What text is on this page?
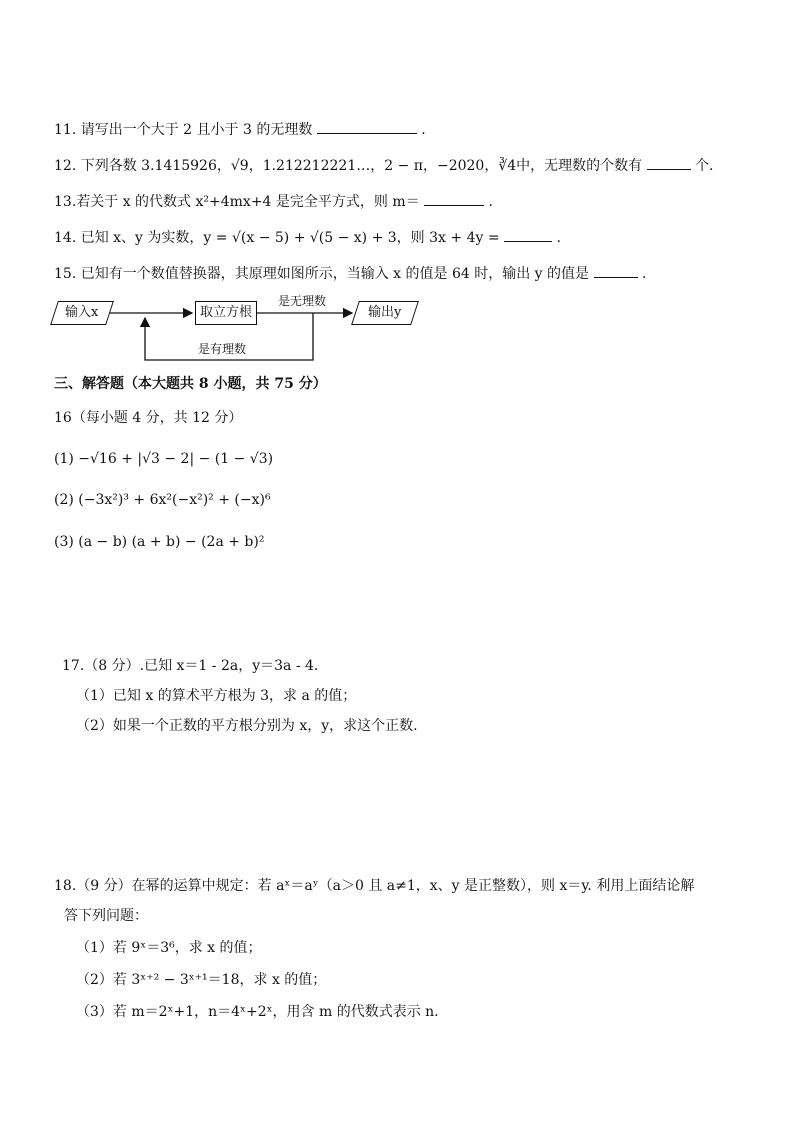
11. 请写出一个大于 2 且小于 3 的无理数	.
12. 下列各数 3.1415926，√9，1.212212221…，2 − π，−2020，∛4中，无理数的个数有	个.
13.若关于 x 的代数式 x²+4mx+4 是完全平方式，则 m＝	.
14. 已知 x、y 为实数，y = √(x − 5) + √(5 − x) + 3，则 3x + 4y =	.
15. 已知有一个数值替换器，其原理如图所示，当输入 x 的值是 64 时，输出 y 的值是	.
输入x	取立方根	输出y
是无理数
是有理数
三、解答题（本大题共 8 小题，共 75 分）
16（每小题 4 分，共 12 分）
(1) −√16 + |√3 − 2| − (1 − √3)
(2) (−3x²)³ + 6x²(−x²)² + (−x)⁶
(3) (a − b) (a + b) − (2a + b)²
17.（8 分）.已知 x＝1 - 2a，y＝3a - 4.
（1）已知 x 的算术平方根为 3，求 a 的值；
（2）如果一个正数的平方根分别为 x，y，求这个正数.
18.（9 分）在幂的运算中规定：若 aˣ＝aʸ（a＞0 且 a≠1，x、y 是正整数），则 x＝y. 利用上面结论解
答下列问题：
（1）若 9ˣ＝3⁶，求 x 的值；
（2）若 3ˣ⁺² − 3ˣ⁺¹＝18，求 x 的值；
（3）若 m＝2ˣ+1，n＝4ˣ+2ˣ，用含 m 的代数式表示 n.
